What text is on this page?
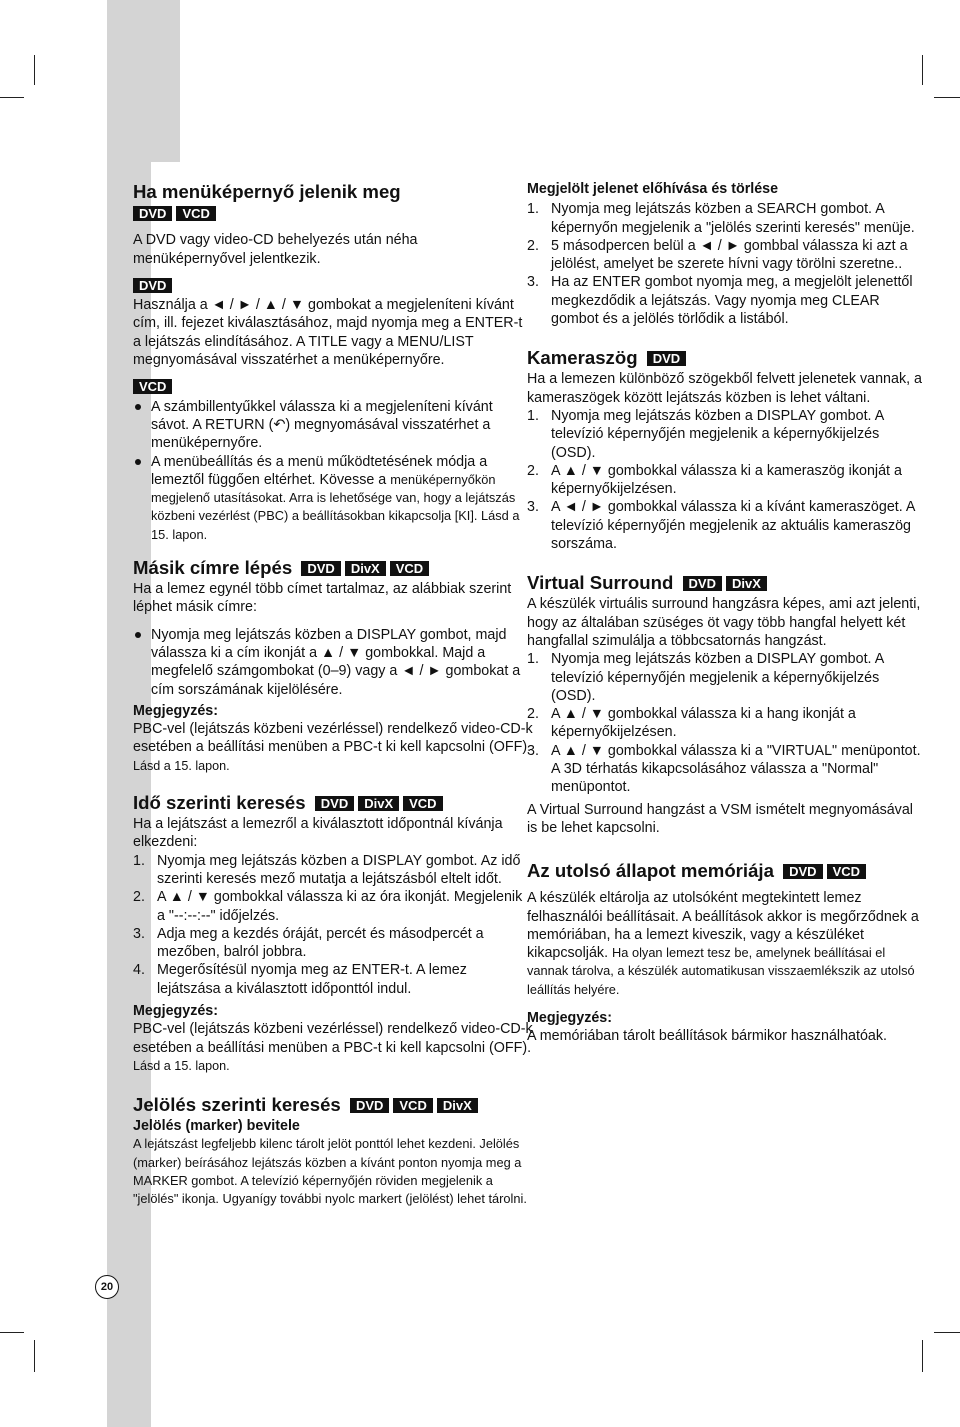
20
Ha menüképernyő jelenik meg
DVD VCD

A DVD vagy video-CD behelyezés után néha menüképernyővel jelentkezik.

DVD

Használja a ◄ / ► / ▲ / ▼ gombokat a megjeleníteni kívánt cím, ill. fejezet kiválasztásához, majd nyomja meg a ENTER-t a lejátszás elindításához. A TITLE vagy a MENU/LIST megnyomásával visszatérhet a menüképernyőre.

VCD
A számbillentyűkkel válassza ki a megjeleníteni kívánt sávot. A RETURN (↶) megnyomásával visszatérhet a menüképernyőre.
A menübeállítás és a menü működtetésének módja a lemeztől függően eltérhet. Kövesse a menüképernyőkön megjelenő utasításokat. Arra is lehetősége van, hogy a lejátszás közbeni vezérlést (PBC) a beállításokban kikapcsolja [KI]. Lásd a 15. lapon.
Másik címre lépés DVD DivX VCD

Ha a lemez egynél több címet tartalmaz, az alábbiak szerint léphet másik címre:

Nyomja meg lejátszás közben a DISPLAY gombot, majd válassza ki a cím ikonját a ▲ / ▼ gombokkal. Majd a megfelelő számgombokat (0–9) vagy a ◄ / ► gombokat a cím sorszámának kijelölésére.
Megjegyzés:

PBC-vel (lejátszás közbeni vezérléssel) rendelkező video-CD-k esetében a beállítási menüben a PBC-t ki kell kapcsolni (OFF). Lásd a 15. lapon.

Idő szerinti keresés DVD DivX VCD

Ha a lejátszást a lemezről a kiválasztott időpontnál kívánja elkezdeni:

1. Nyomja meg lejátszás közben a DISPLAY gombot. Az idő szerinti keresés mező mutatja a lejátszásból eltelt időt.
2. A ▲ / ▼ gombokkal válassza ki az óra ikonját. Megjelenik a "--:--:--" időjelzés.
3. Adja meg a kezdés óráját, percét és másodpercét a mezőben, balról jobbra.
4. Megerősítésül nyomja meg az ENTER-t. A lemez lejátszása a kiválasztott időponttól indul.
Megjegyzés:

PBC-vel (lejátszás közbeni vezérléssel) rendelkező video-CD-k esetében a beállítási menüben a PBC-t ki kell kapcsolni (OFF). Lásd a 15. lapon.

Jelölés szerinti keresés DVD VCD DivX
Jelölés (marker) bevitele

A lejátszást legfeljebb kilenc tárolt jelöt ponttól lehet kezdeni. Jelölés (marker) beírásához lejátszás közben a kívánt ponton nyomja meg a MARKER gombot. A televízió képernyőjén röviden megjelenik a "jelölés" ikonja. Ugyanígy további nyolc markert (jelölést) lehet tárolni.

Megjelölt jelenet előhívása és törlése
1. Nyomja meg lejátszás közben a SEARCH gombot. A képernyőn megjelenik a "jelölés szerinti keresés" menüje.
2. 5 másodpercen belül a ◄ / ► gombbal válassza ki azt a jelölést, amelyet be szerete hívni vagy törölni szeretne..
3. Ha az ENTER gombot nyomja meg, a megjelölt jelenettől megkezdődik a lejátszás. Vagy nyomja meg CLEAR gombot és a jelölés törlődik a listából.
Kameraszög DVD

Ha a lemezen különböző szögekből felvett jelenetek vannak, a kameraszögek között lejátszás közben is lehet váltani.

1. Nyomja meg lejátszás közben a DISPLAY gombot. A televízió képernyőjén megjelenik a képernyőkijelzés (OSD).
2. A ▲ / ▼ gombokkal válassza ki a kameraszög ikonját a képernyőkijelzésen.
3. A ◄ / ► gombokkal válassza ki a kívánt kameraszöget. A televízió képernyőjén megjelenik az aktuális kameraszög sorszáma.
Virtual Surround DVD DivX

A készülék virtuális surround hangzásra képes, ami azt jelenti, hogy az általában szüséges öt vagy több hangfal helyett két hangfallal szimulálja a többcsatornás hangzást.

1. Nyomja meg lejátszás közben a DISPLAY gombot. A televízió képernyőjén megjelenik a képernyőkijelzés (OSD).
2. A ▲ / ▼ gombokkal válassza ki a hang ikonját a képernyőkijelzésen.
3. A ▲ / ▼ gombokkal válassza ki a "VIRTUAL" menüpontot. A 3D térhatás kikapcsolásához válassza a "Normal" menüpontot.

A Virtual Surround hangzást a VSM ismételt megnyomásával is be lehet kapcsolni.

Az utolsó állapot memóriája DVD VCD

A készülék eltárolja az utolsóként megtekintett lemez felhasználói beállításait. A beállítások akkor is megőrződnek a memóriában, ha a lemezt kiveszik, vagy a készüléket kikapcsolják. Ha olyan lemezt tesz be, amelynek beállításai el vannak tárolva, a készülék automatikusan visszaemlékszik az utolsó leállítás helyére.

Megjegyzés:

A memóriában tárolt beállítások bármikor használhatóak.
